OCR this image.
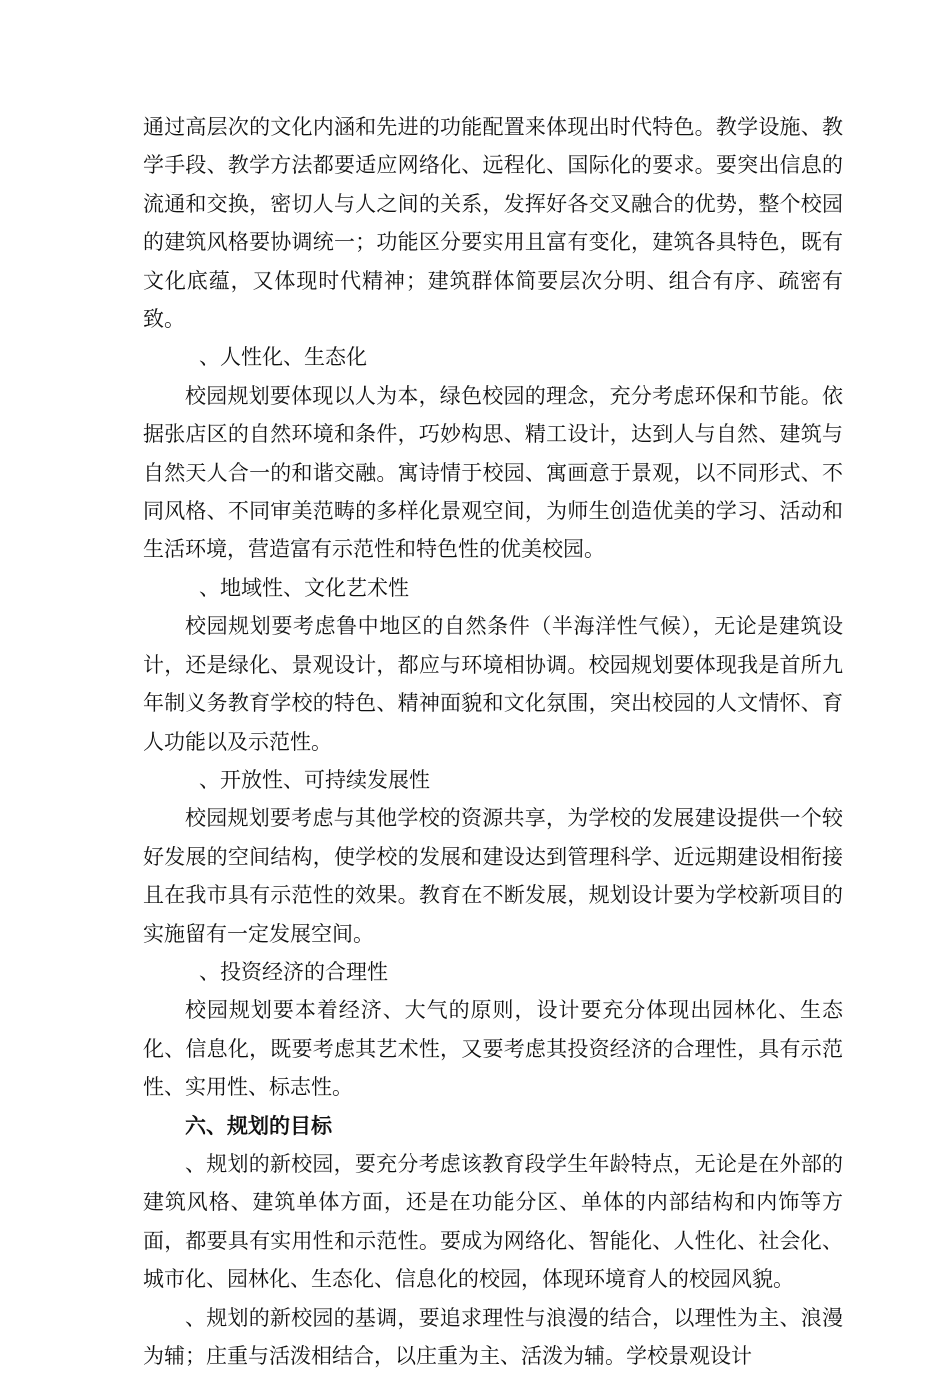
通过高层次的文化内涵和先进的功能配置来体现出时代特色。教学设施、教学手段、教学方法都要适应网络化、远程化、国际化的要求。要突出信息的流通和交换，密切人与人之间的关系，发挥好各交叉融合的优势，整个校园的建筑风格要协调统一；功能区分要实用且富有变化，建筑各具特色，既有文化底蕴，又体现时代精神；建筑群体简要层次分明、组合有序、疏密有致。

、人性化、生态化

校园规划要体现以人为本，绿色校园的理念，充分考虑环保和节能。依据张店区的自然环境和条件，巧妙构思、精工设计，达到人与自然、建筑与自然天人合一的和谐交融。寓诗情于校园、寓画意于景观，以不同形式、不同风格、不同审美范畴的多样化景观空间，为师生创造优美的学习、活动和生活环境，营造富有示范性和特色性的优美校园。

、地域性、文化艺术性

校园规划要考虑鲁中地区的自然条件（半海洋性气候），无论是建筑设计，还是绿化、景观设计，都应与环境相协调。校园规划要体现我是首所九年制义务教育学校的特色、精神面貌和文化氛围，突出校园的人文情怀、育人功能以及示范性。

、开放性、可持续发展性

校园规划要考虑与其他学校的资源共享，为学校的发展建设提供一个较好发展的空间结构，使学校的发展和建设达到管理科学、近远期建设相衔接且在我市具有示范性的效果。教育在不断发展，规划设计要为学校新项目的实施留有一定发展空间。

、投资经济的合理性

校园规划要本着经济、大气的原则，设计要充分体现出园林化、生态化、信息化，既要考虑其艺术性，又要考虑其投资经济的合理性，具有示范性、实用性、标志性。

六、规划的目标

、规划的新校园，要充分考虑该教育段学生年龄特点，无论是在外部的建筑风格、建筑单体方面，还是在功能分区、单体的内部结构和内饰等方面，都要具有实用性和示范性。要成为网络化、智能化、人性化、社会化、城市化、园林化、生态化、信息化的校园，体现环境育人的校园风貌。

、规划的新校园的基调，要追求理性与浪漫的结合，以理性为主、浪漫为辅；庄重与活泼相结合，以庄重为主、活泼为辅。学校景观设计
